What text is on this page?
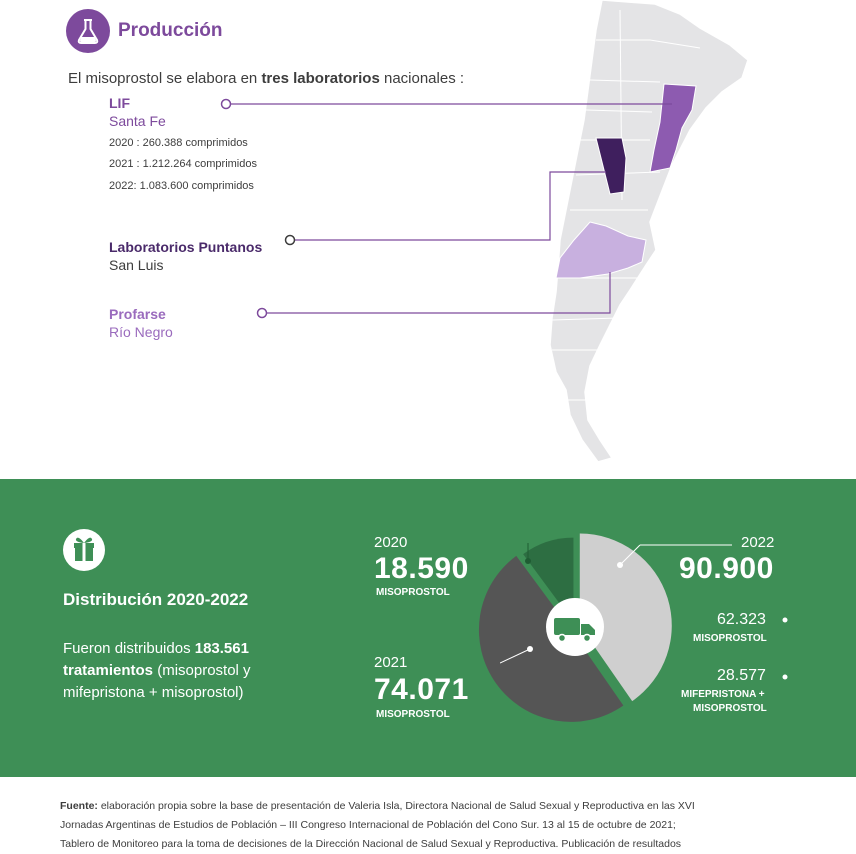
Producción
El misoprostol se elabora en tres laboratorios nacionales :
LIF
Santa Fe
2020 : 260.388 comprimidos
2021 : 1.212.264 comprimidos
2022: 1.083.600 comprimidos
Laboratorios Puntanos
San Luis
Profarse
Río Negro
Distribución 2020-2022
Fueron distribuidos 183.561 tratamientos (misoprostol y mifepristona + misoprostol)
2020
18.590
MISOPROSTOL
2021
74.071
MISOPROSTOL
2022
90.900
62.323
MISOPROSTOL
28.577
MIFEPRISTONA +
MISOPROSTOL
Fuente: elaboración propia sobre la base de presentación de Valeria Isla, Directora Nacional de Salud Sexual y Reproductiva en las XVI
Jornadas Argentinas de Estudios de Población – III Congreso Internacional de Población del Cono Sur. 13 al 15 de octubre de 2021;
Tablero de Monitoreo para la toma de decisiones de la Dirección Nacional de Salud Sexual y Reproductiva. Publicación de resultados
